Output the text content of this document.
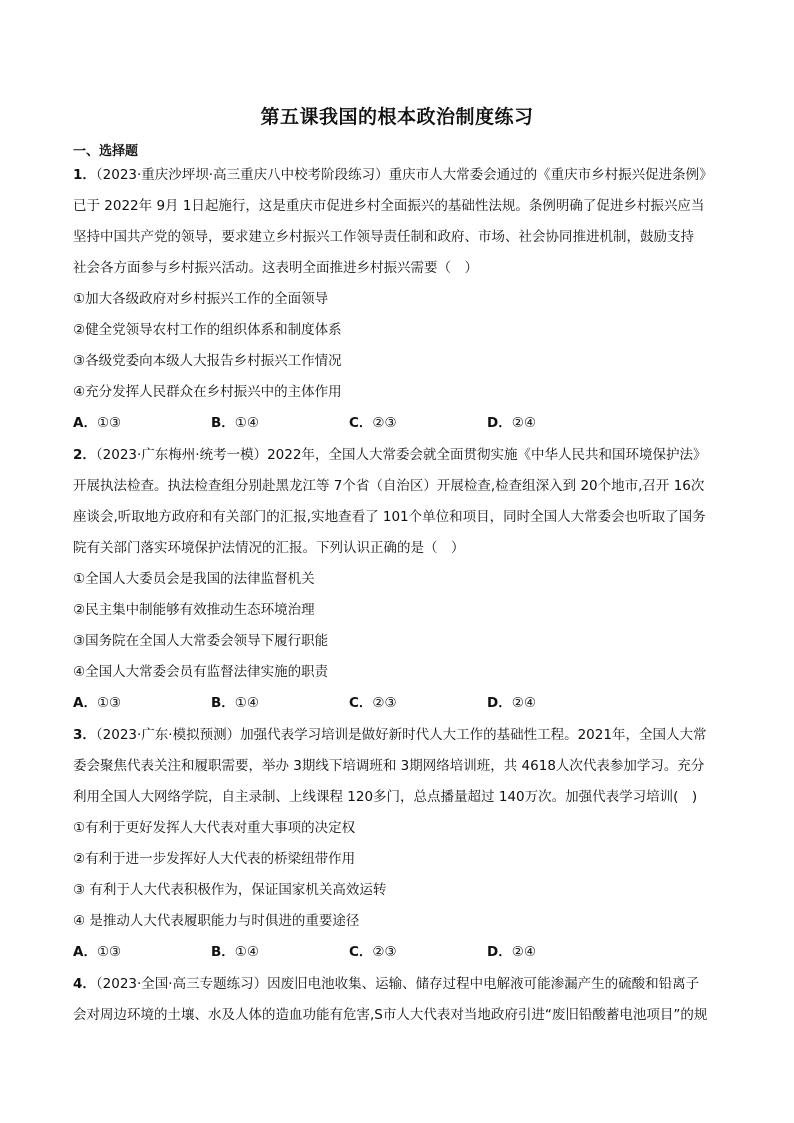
第五课我国的根本政治制度练习
一、选择题
1．（2023·重庆沙坪坝·高三重庆八中校考阶段练习）重庆市人大常委会通过的《重庆市乡村振兴促进条例》
已于 2022年 9月 1日起施行，这是重庆市促进乡村全面振兴的基础性法规。条例明确了促进乡村振兴应当
坚持中国共产党的领导，要求建立乡村振兴工作领导责任制和政府、市场、社会协同推进机制，鼓励支持
社会各方面参与乡村振兴活动。这表明全面推进乡村振兴需要（　）
①加大各级政府对乡村振兴工作的全面领导
②健全党领导农村工作的组织体系和制度体系
③各级党委向本级人大报告乡村振兴工作情况
④充分发挥人民群众在乡村振兴中的主体作用
A．①③	B．①④	C．②③	D．②④
2．（2023·广东梅州·统考一模）2022年，全国人大常委会就全面贯彻实施《中华人民共和国环境保护法》
开展执法检查。执法检查组分别赴黑龙江等 7个省（自治区）开展检查,检查组深入到 20个地市,召开 16次
座谈会,听取地方政府和有关部门的汇报,实地查看了 101个单位和项目，同时全国人大常委会也听取了国务
院有关部门落实环境保护法情况的汇报。下列认识正确的是（　）
①全国人大委员会是我国的法律监督机关
②民主集中制能够有效推动生态环境治理
③国务院在全国人大常委会领导下履行职能
④全国人大常委会员有监督法律实施的职责
A．①③	B．①④	C．②③	D．②④
3．（2023·广东·模拟预测）加强代表学习培训是做好新时代人大工作的基础性工程。2021年，全国人大常
委会聚焦代表关注和履职需要，举办 3期线下培调班和 3期网络培训班，共 4618人次代表参加学习。充分
利用全国人大网络学院，自主录制、上线课程 120多门，总点播量超过 140万次。加强代表学习培训(　)
①有利于更好发挥人大代表对重大事项的决定权
②有利于进一步发挥好人大代表的桥梁纽带作用
③ 有利于人大代表积极作为，保证国家机关高效运转
④ 是推动人大代表履职能力与时俱进的重要途径
A．①③	B．①④	C．②③	D．②④
4．（2023·全国·高三专题练习）因废旧电池收集、运输、储存过程中电解液可能渗漏产生的硫酸和铅离子
会对周边环境的土壤、水及人体的造血功能有危害,S市人大代表对当地政府引进“废旧铅酸蓄电池项目”的规
